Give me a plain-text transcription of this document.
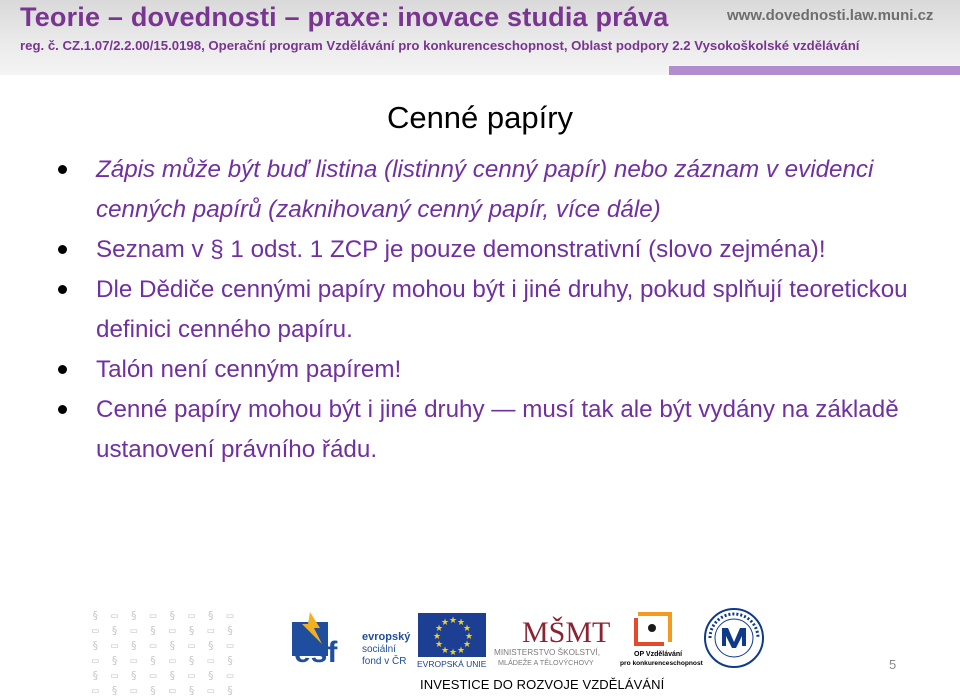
Teorie – dovednosti – praxe: inovace studia práva	www.dovednosti.law.muni.cz
reg. č. CZ.1.07/2.2.00/15.0198, Operační program Vzdělávání pro konkurenceschopnost, Oblast podpory 2.2 Vysokoškolské vzdělávání
Cenné papíry
Zápis může být buď listina (listinný cenný papír) nebo záznam v evidenci cenných papírů (zaknihovaný cenný papír, více dále)
Seznam v § 1 odst. 1 ZCP je pouze demonstrativní (slovo zejména)!
Dle Dědiče cennými papíry mohou být i jiné druhy, pokud splňují teoretickou definici cenného papíru.
Talón není cenným papírem!
Cenné papíry mohou být i jiné druhy — musí tak ale být vydány na základě ustanovení právního řádu.
§ ▭ § ▭ § ▭ § ▭
▭ § ▭ § ▭ § ▭ §
§ ▭ § ▭ § ▭ § ▭
▭ § ▭ § ▭ § ▭ §
§ ▭ § ▭ § ▭ § ▭
▭ § ▭ § ▭ § ▭ §
esf evropský
sociální
fond v ČR
★ ★
★
★
★
★
★
★
★
★
★
★
EVROPSKÁ UNIE
MŠMT
MINISTERSTVO ŠKOLSTVÍ,
MLÁDEŽE A TĚLOVÝCHOVY
OP Vzdělávání
pro konkurenceschopnost
INVESTICE DO ROZVOJE VZDĚLÁVÁNÍ
5
